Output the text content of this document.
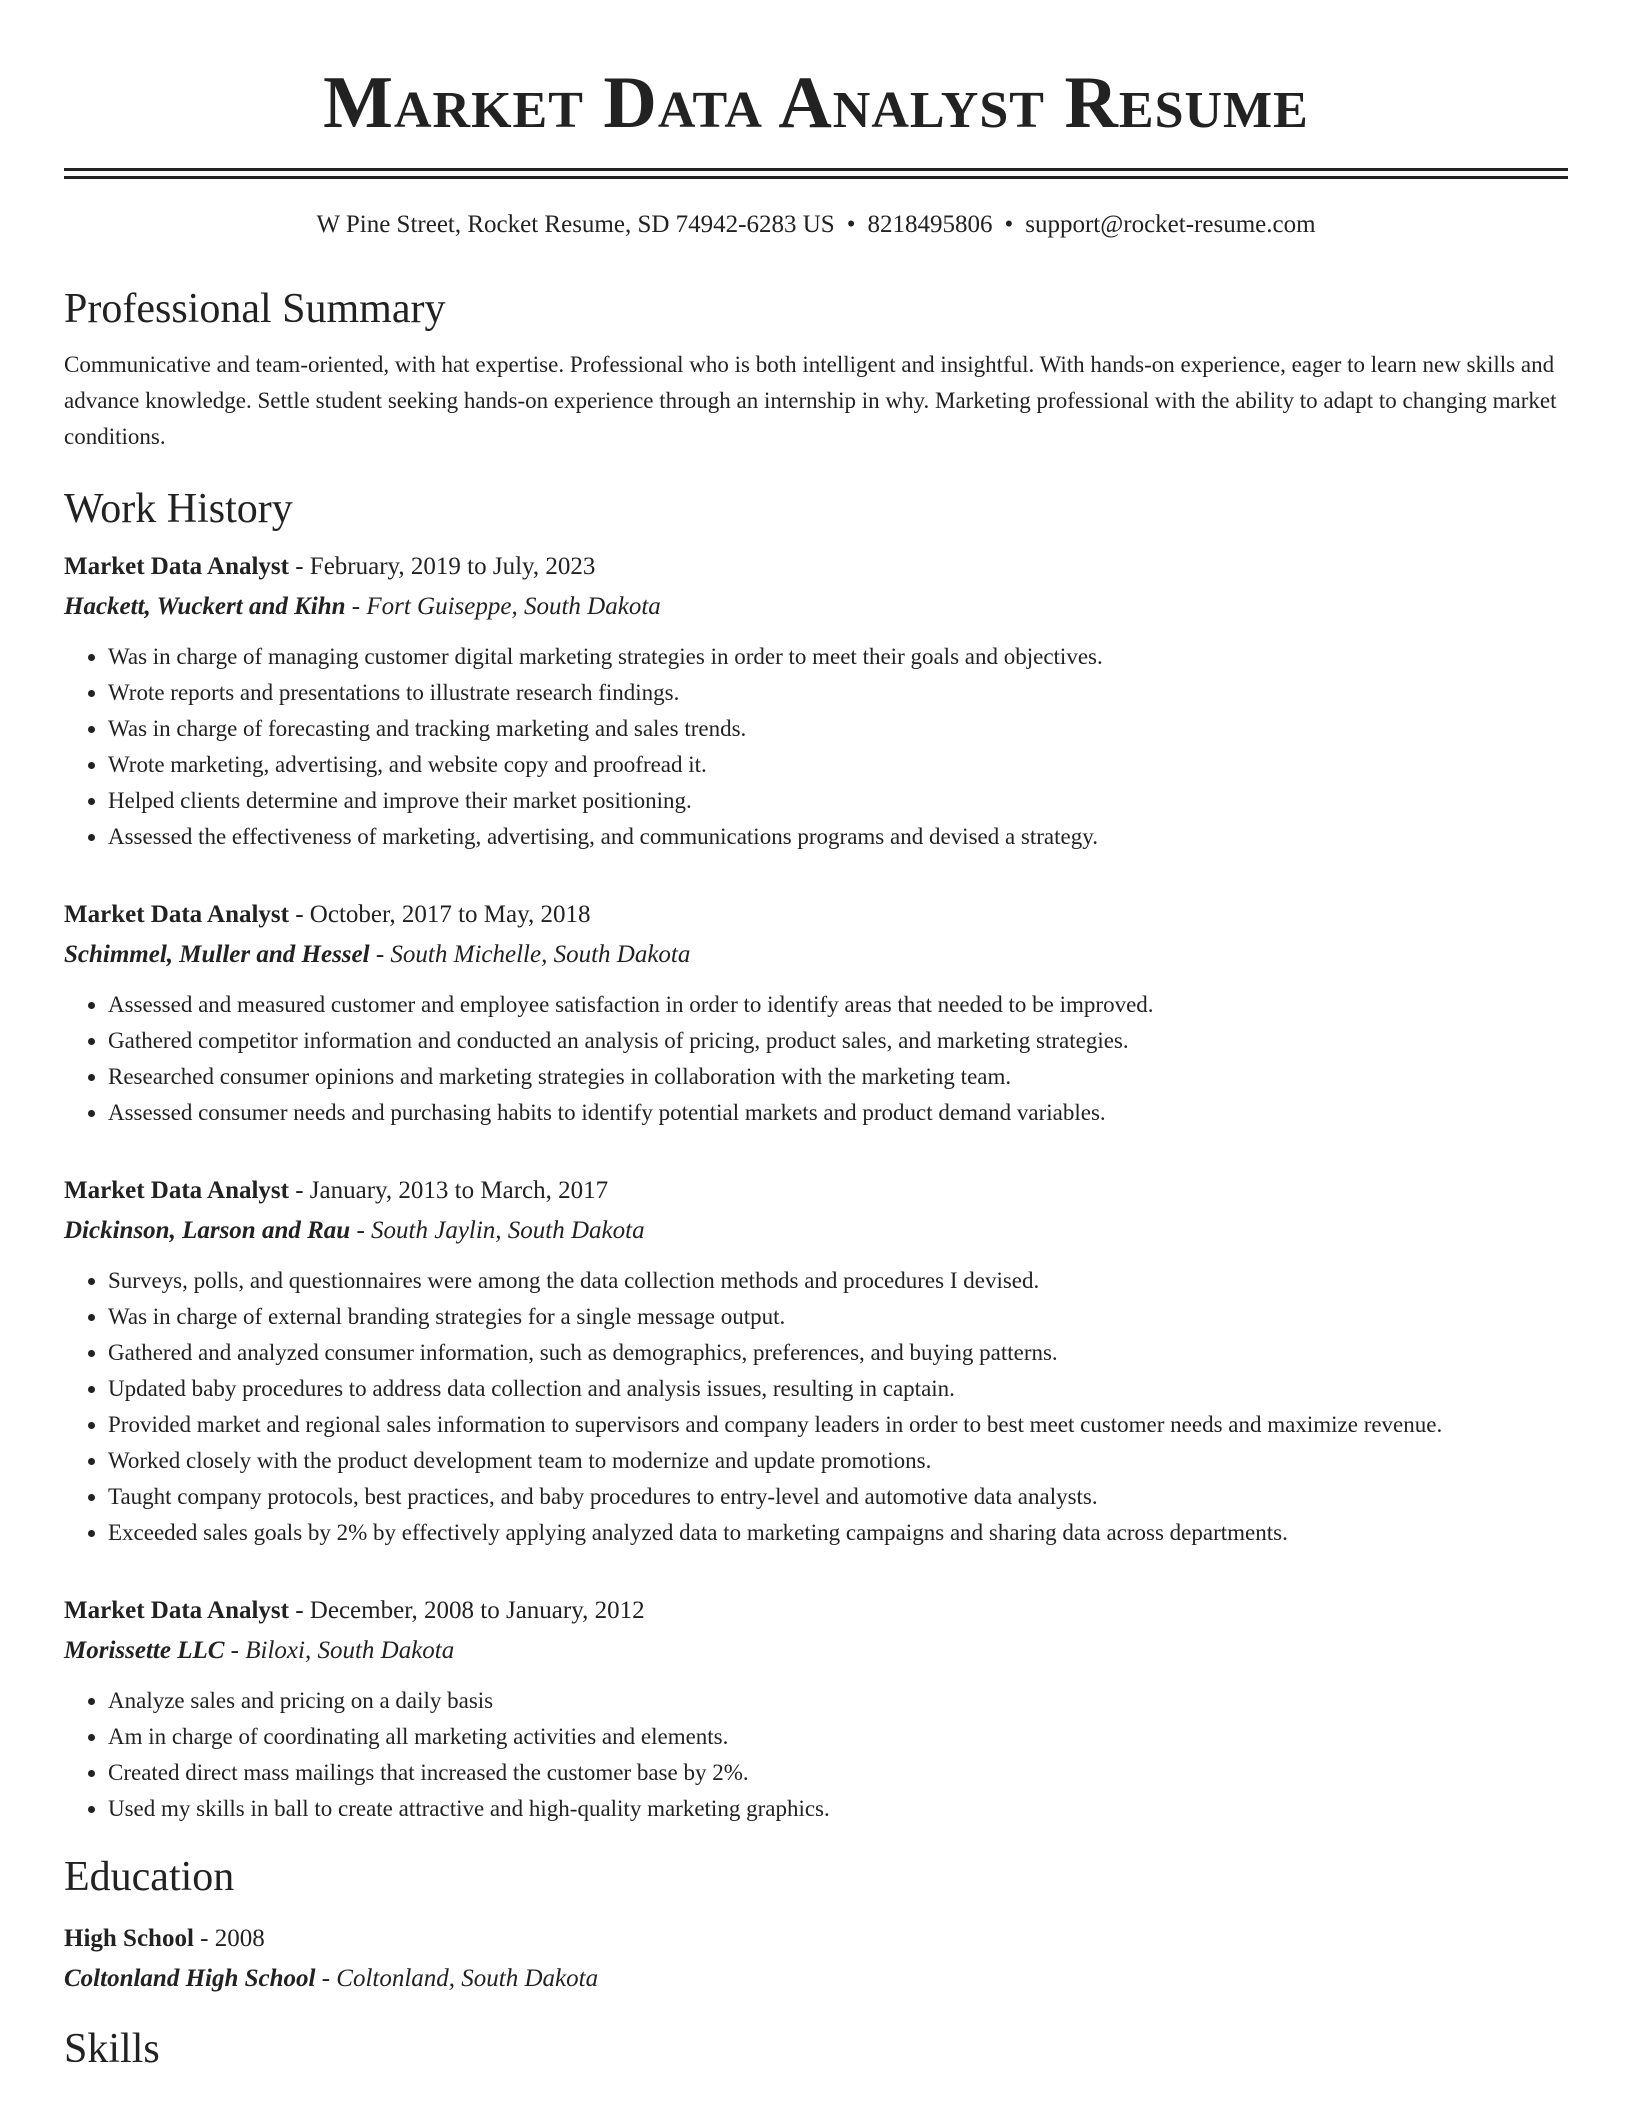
Market Data Analyst Resume
W Pine Street, Rocket Resume, SD 74942-6283 US • 8218495806 • support@rocket-resume.com
Professional Summary

Communicative and team-oriented, with hat expertise. Professional who is both intelligent and insightful. With hands-on experience, eager to learn new skills and advance knowledge. Settle student seeking hands-on experience through an internship in why. Marketing professional with the ability to adapt to changing market conditions.

Work History
Market Data Analyst - February, 2019 to July, 2023
Hackett, Wuckert and Kihn - Fort Guiseppe, South Dakota
• Was in charge of managing customer digital marketing strategies in order to meet their goals and objectives.
• Wrote reports and presentations to illustrate research findings.
• Was in charge of forecasting and tracking marketing and sales trends.
• Wrote marketing, advertising, and website copy and proofread it.
• Helped clients determine and improve their market positioning.
• Assessed the effectiveness of marketing, advertising, and communications programs and devised a strategy.
Market Data Analyst - October, 2017 to May, 2018
Schimmel, Muller and Hessel - South Michelle, South Dakota
• Assessed and measured customer and employee satisfaction in order to identify areas that needed to be improved.
• Gathered competitor information and conducted an analysis of pricing, product sales, and marketing strategies.
• Researched consumer opinions and marketing strategies in collaboration with the marketing team.
• Assessed consumer needs and purchasing habits to identify potential markets and product demand variables.
Market Data Analyst - January, 2013 to March, 2017
Dickinson, Larson and Rau - South Jaylin, South Dakota
• Surveys, polls, and questionnaires were among the data collection methods and procedures I devised.
• Was in charge of external branding strategies for a single message output.
• Gathered and analyzed consumer information, such as demographics, preferences, and buying patterns.
• Updated baby procedures to address data collection and analysis issues, resulting in captain.
• Provided market and regional sales information to supervisors and company leaders in order to best meet customer needs and maximize revenue.
• Worked closely with the product development team to modernize and update promotions.
• Taught company protocols, best practices, and baby procedures to entry-level and automotive data analysts.
• Exceeded sales goals by 2% by effectively applying analyzed data to marketing campaigns and sharing data across departments.
Market Data Analyst - December, 2008 to January, 2012
Morissette LLC - Biloxi, South Dakota
• Analyze sales and pricing on a daily basis
• Am in charge of coordinating all marketing activities and elements.
• Created direct mass mailings that increased the customer base by 2%.
• Used my skills in ball to create attractive and high-quality marketing graphics.
Education
High School - 2008
Coltonland High School - Coltonland, South Dakota
Skills
